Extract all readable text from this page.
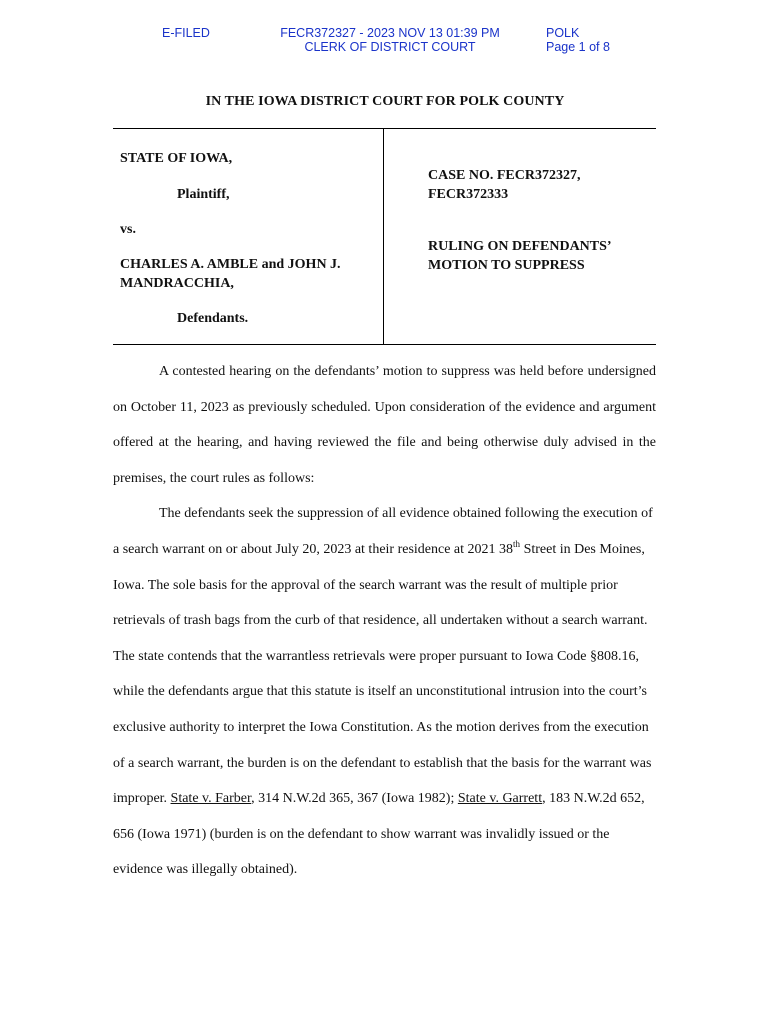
E-FILED	FECR372327 - 2023 NOV 13 01:39 PM
CLERK OF DISTRICT COURT
POLK
Page 1 of 8
IN THE IOWA DISTRICT COURT FOR POLK COUNTY
STATE OF IOWA,
Plaintiff,
vs.
CHARLES A. AMBLE and JOHN J.
MANDRACCHIA,
Defendants.
CASE NO. FECR372327,
FECR372333
RULING ON DEFENDANTS’
MOTION TO SUPPRESS

A contested hearing on the defendants’ motion to suppress was held before undersigned on October 11, 2023 as previously scheduled. Upon consideration of the evidence and argument offered at the hearing, and having reviewed the file and being otherwise duly advised in the premises, the court rules as follows:

The defendants seek the suppression of all evidence obtained following the execution of a search warrant on or about July 20, 2023 at their residence at 2021 38th Street in Des Moines, Iowa. The sole basis for the approval of the search warrant was the result of multiple prior retrievals of trash bags from the curb of that residence, all undertaken without a search warrant. The state contends that the warrantless retrievals were proper pursuant to Iowa Code §808.16, while the defendants argue that this statute is itself an unconstitutional intrusion into the court’s exclusive authority to interpret the Iowa Constitution. As the motion derives from the execution of a search warrant, the burden is on the defendant to establish that the basis for the warrant was improper. State v. Farber, 314 N.W.2d 365, 367 (Iowa 1982); State v. Garrett, 183 N.W.2d 652, 656 (Iowa 1971) (burden is on the defendant to show warrant was invalidly issued or the evidence was illegally obtained).
